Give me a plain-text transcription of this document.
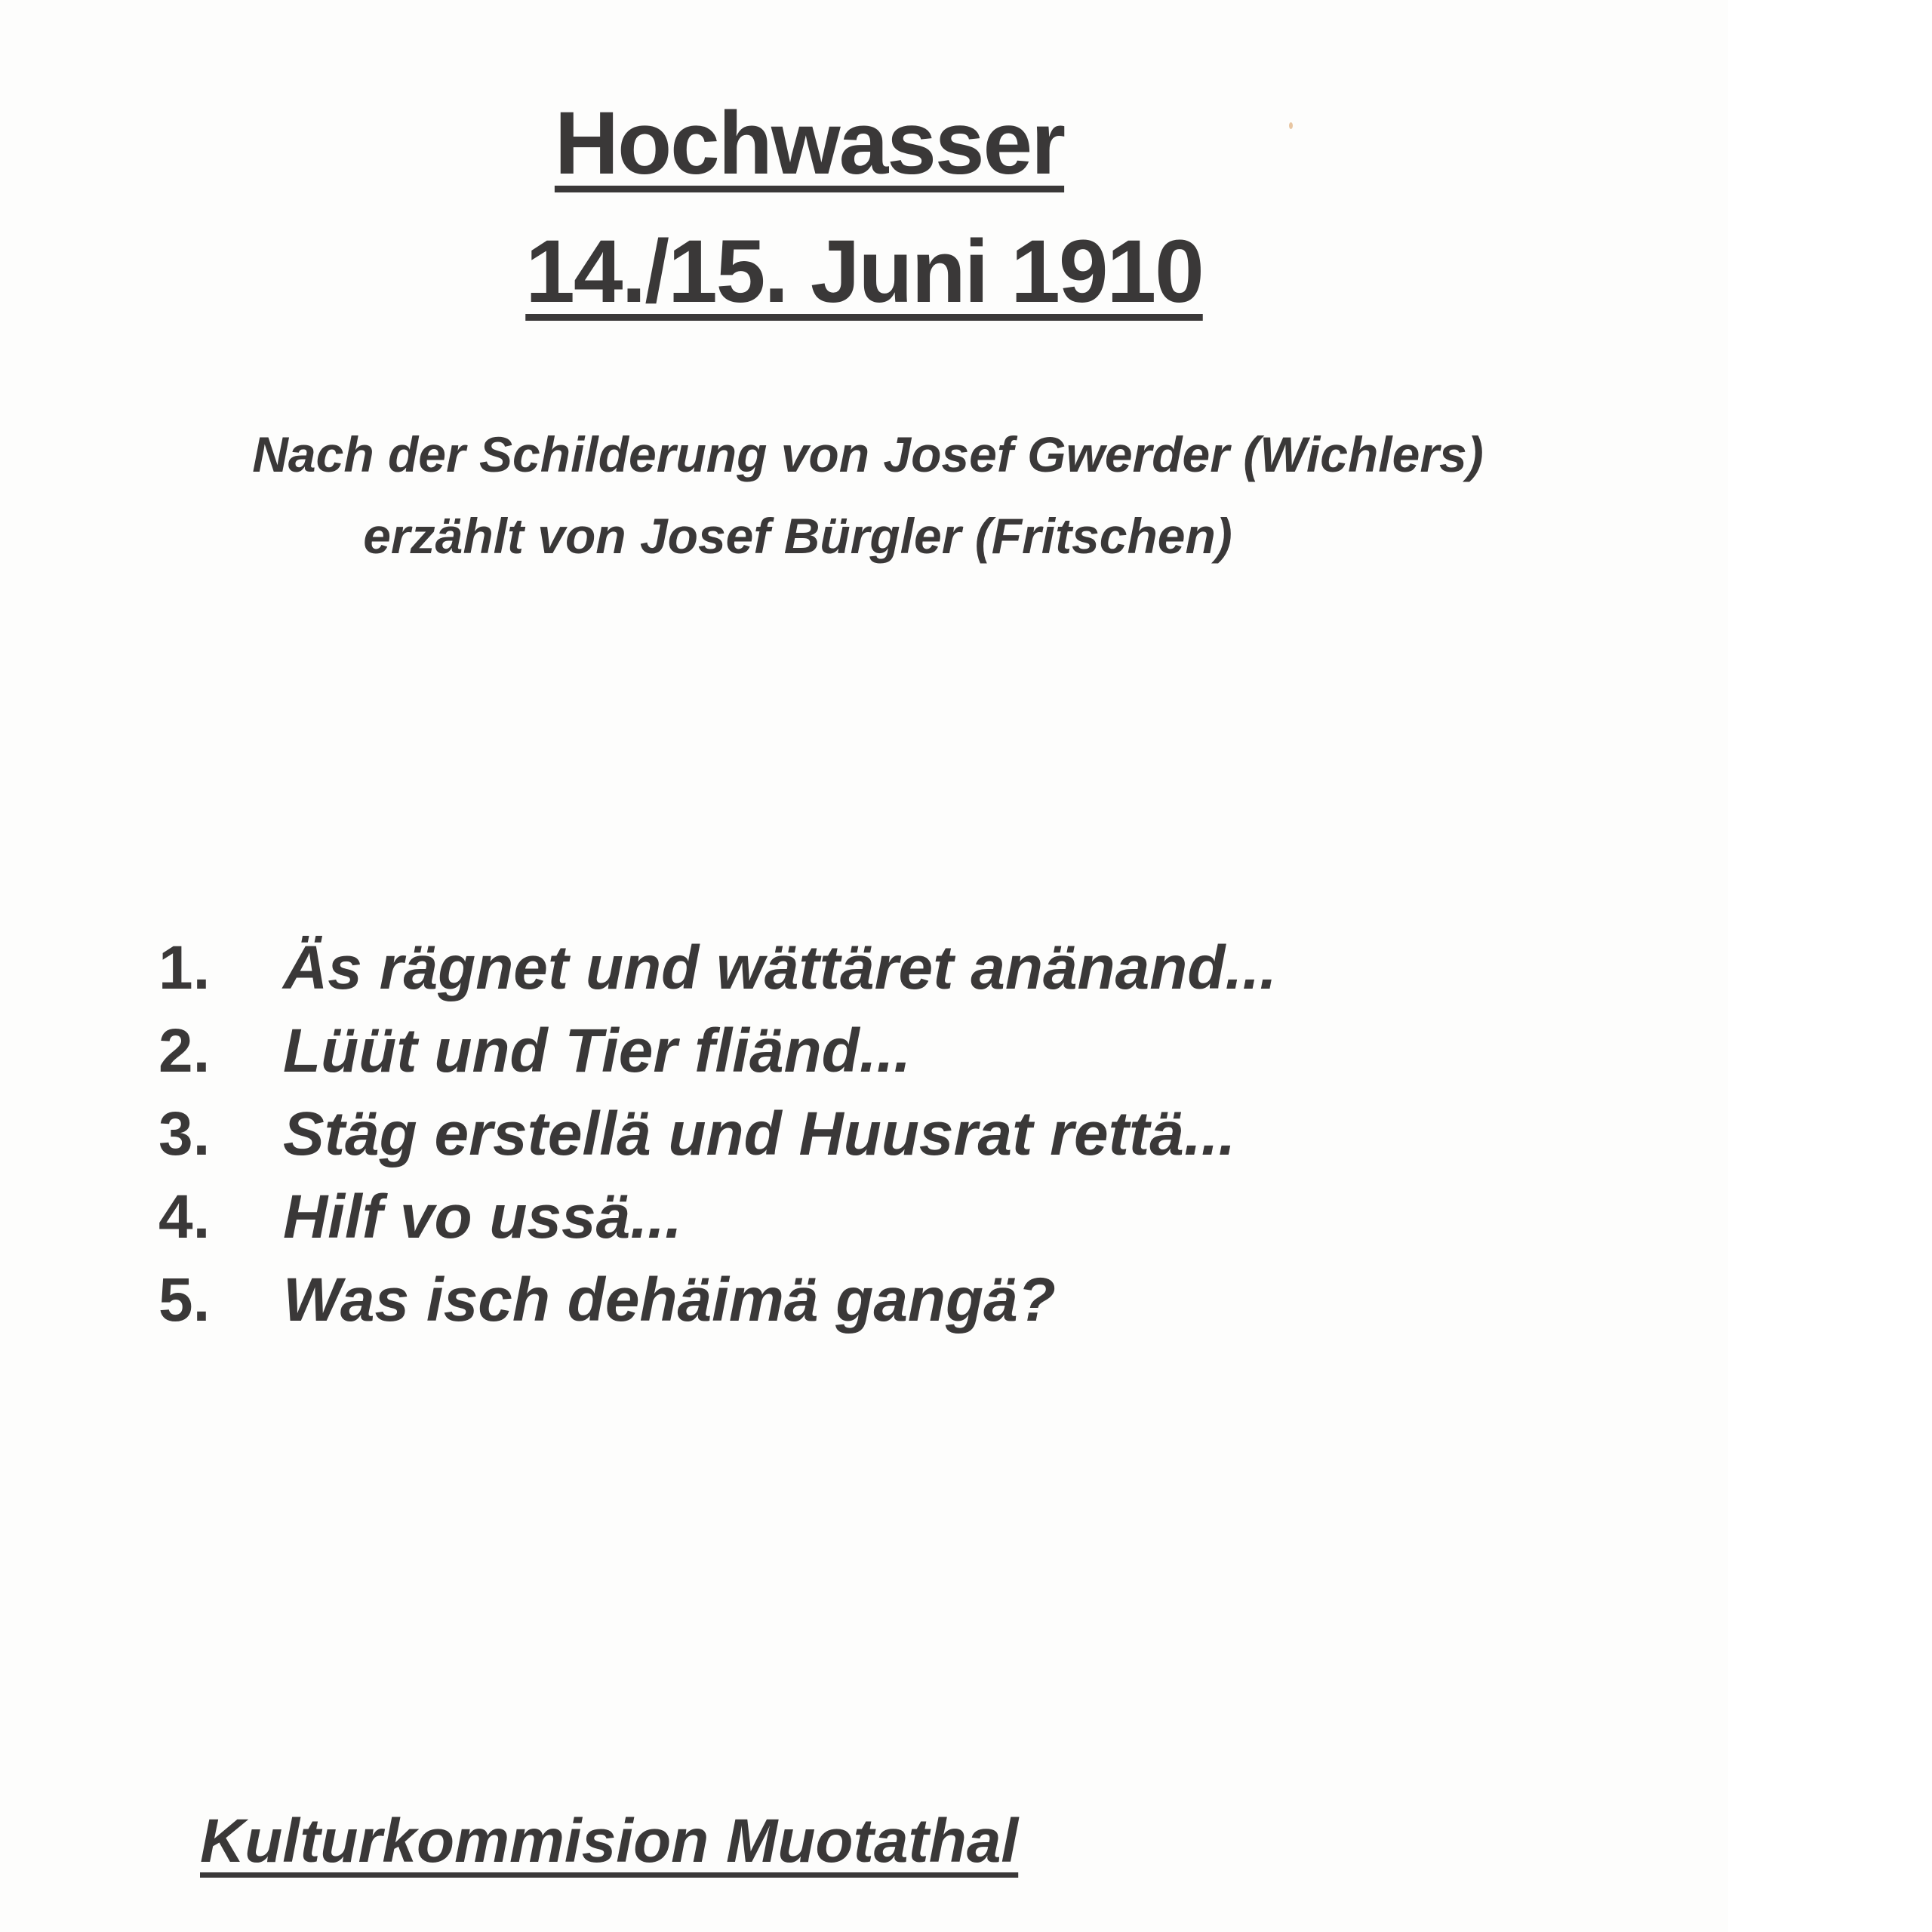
Hochwasser
14./15. Juni 1910
Nach der Schilderung von Josef Gwerder (Wichlers)
erzählt von Josef Bürgler (Fritschen)
1.	Äs rägnet und wättäret anänand...
2.	Lüüt und Tier fliänd...
3.	Stäg erstellä und Huusrat rettä...
4.	Hilf vo ussä...
5.	Was isch dehäimä gangä?
Kulturkommision Muotathal
